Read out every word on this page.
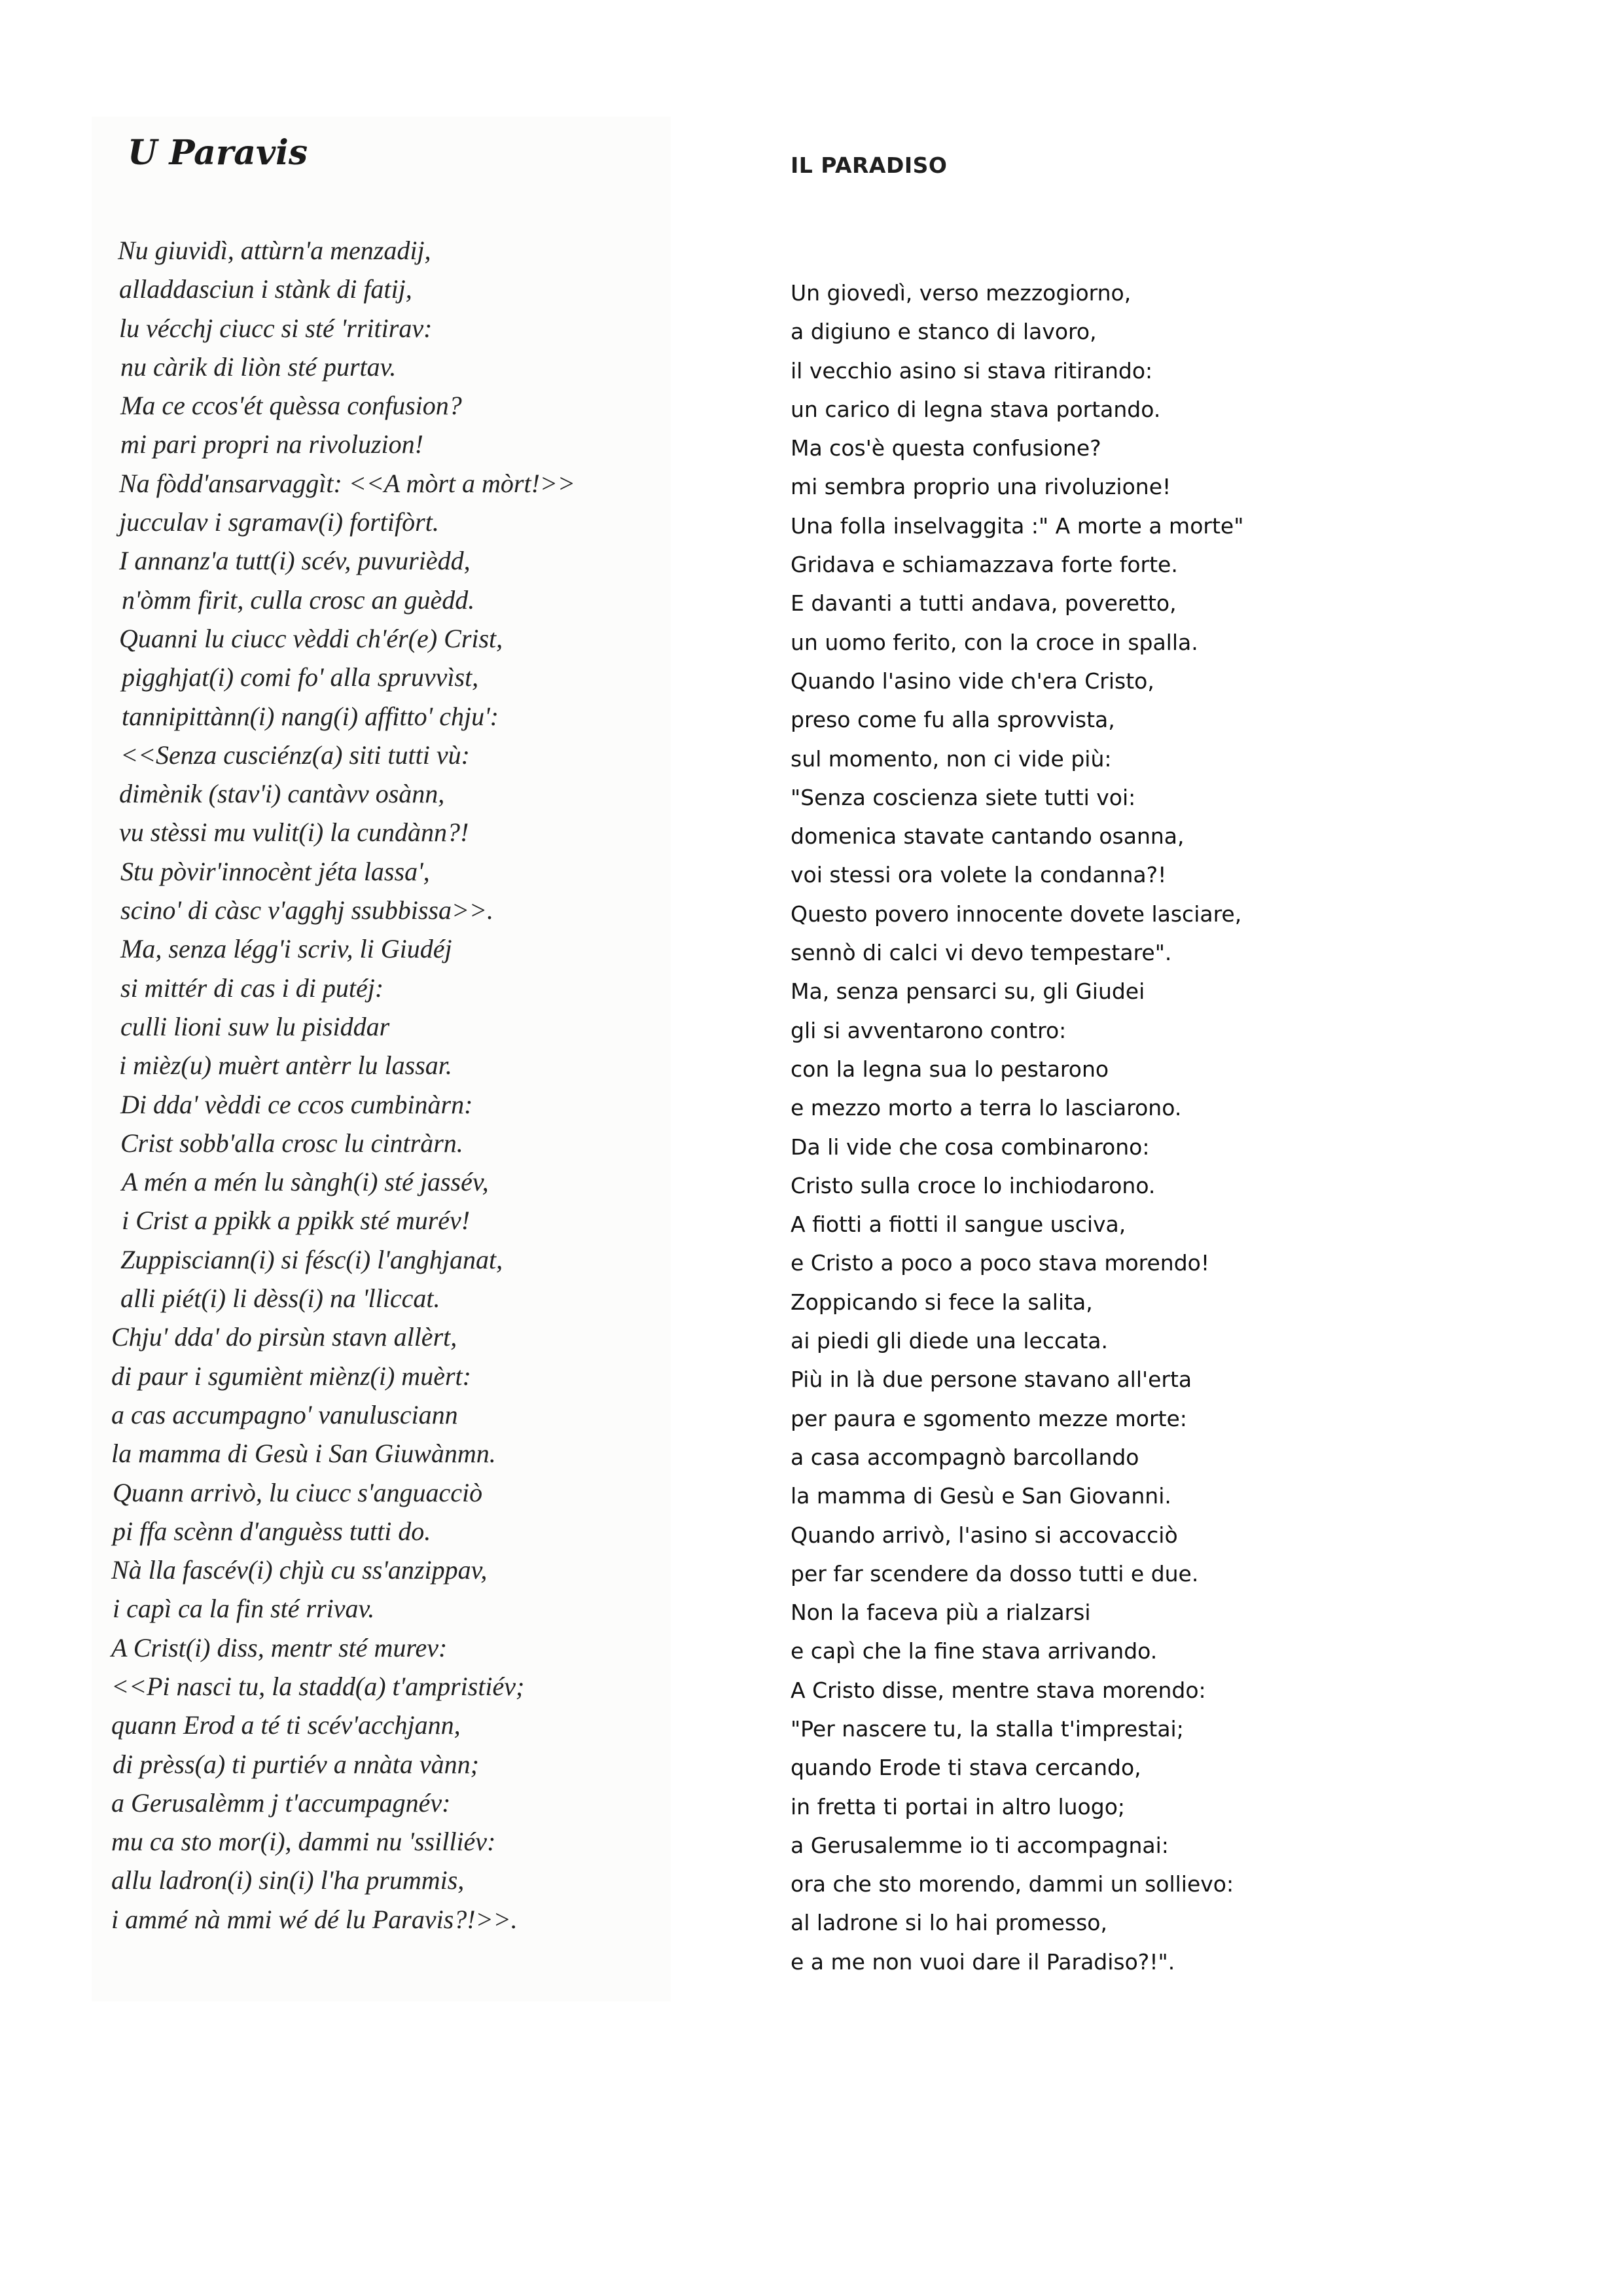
U Paravis
Nu giuvidì, attùrn'a menzadij,
alladdasciun i stànk di fatij,
lu vécchj ciucc si sté 'rritirav:
nu càrik di liòn sté purtav.
Ma ce ccos'ét quèssa confusion?
mi pari propri na rivoluzion!
Na fòdd'ansarvaggìt: <<A mòrt a mòrt!>>
jucculav i sgramav(i) fortifòrt.
I annanz'a tutt(i) scév, puvurièdd,
n'òmm firit, culla crosc an guèdd.
Quanni lu ciucc vèddi ch'ér(e) Crist,
pigghjat(i) comi fo' alla spruvvìst,
tannipittànn(i) nang(i) affitto' chju':
<<Senza cusciénz(a) siti tutti vù:
dimènik (stav'i) cantàvv osànn,
vu stèssi mu vulit(i) la cundànn?!
Stu pòvir'innocènt jéta lassa',
scino' di càsc v'agghj ssubbissa>>.
Ma, senza légg'i scriv, li Giudéj
si mittér di cas i di putéj:
culli lioni suw lu pisiddar
i mièz(u) muèrt antèrr lu lassar.
Di dda' vèddi ce ccos cumbinàrn:
Crist sobb'alla crosc lu cintràrn.
A mén a mén lu sàngh(i) sté jassév,
i Crist a ppikk a ppikk sté murév!
Zuppisciann(i) si fésc(i) l'anghjanat,
alli piét(i) li dèss(i) na 'lliccat.
Chju' dda' do pirsùn stavn allèrt,
di paur i sgumiènt miènz(i) muèrt:
a cas accumpagno' vanulusciann
la mamma di Gesù i San Giuwànmn.
Quann arrivò, lu ciucc s'anguacciò
pi ffa scènn d'anguèss tutti do.
Nà lla fascév(i) chjù cu ss'anzippav,
i capì ca la fin sté rrivav.
A Crist(i) diss, mentr sté murev:
<<Pi nasci tu, la stadd(a) t'ampristiév;
quann Erod a té ti scév'acchjann,
di prèss(a) ti purtiév a nnàta vànn;
a Gerusalèmm j t'accumpagnév:
mu ca sto mor(i), dammi nu 'ssilliév:
allu ladron(i) sin(i) l'ha prummis,
i ammé nà mmi wé dé lu Paravis?!>>.
IL PARADISO
Un giovedì, verso mezzogiorno,
a digiuno e stanco di lavoro,
il vecchio asino si stava ritirando:
un carico di legna stava portando.
Ma cos'è questa confusione?
mi sembra proprio una rivoluzione!
Una folla inselvaggita :" A morte a morte"
Gridava e schiamazzava forte forte.
E davanti a tutti andava, poveretto,
un uomo ferito, con la croce in spalla.
Quando l'asino vide ch'era Cristo,
preso come fu alla sprovvista,
sul momento, non ci vide più:
"Senza coscienza siete tutti voi:
domenica stavate cantando osanna,
voi stessi ora volete la condanna?!
Questo povero innocente dovete lasciare,
sennò di calci vi devo tempestare".
Ma, senza pensarci su, gli Giudei
gli si avventarono contro:
con la legna sua lo pestarono
e mezzo morto a terra lo lasciarono.
Da li vide che cosa combinarono:
Cristo sulla croce lo inchiodarono.
A fiotti a fiotti il sangue usciva,
e Cristo a poco a poco stava morendo!
Zoppicando si fece la salita,
ai piedi gli diede una leccata.
Più in là due persone stavano all'erta
per paura e sgomento mezze morte:
a casa accompagnò barcollando
la mamma di Gesù e San Giovanni.
Quando arrivò, l'asino si accovacciò
per far scendere da dosso tutti e due.
Non la faceva più a rialzarsi
e capì che la fine stava arrivando.
A Cristo disse, mentre stava morendo:
"Per nascere tu, la stalla t'imprestai;
quando Erode ti stava cercando,
in fretta ti portai in altro luogo;
a Gerusalemme io ti accompagnai:
ora che sto morendo, dammi un sollievo:
al ladrone si lo hai promesso,
e a me non vuoi dare il Paradiso?!".
